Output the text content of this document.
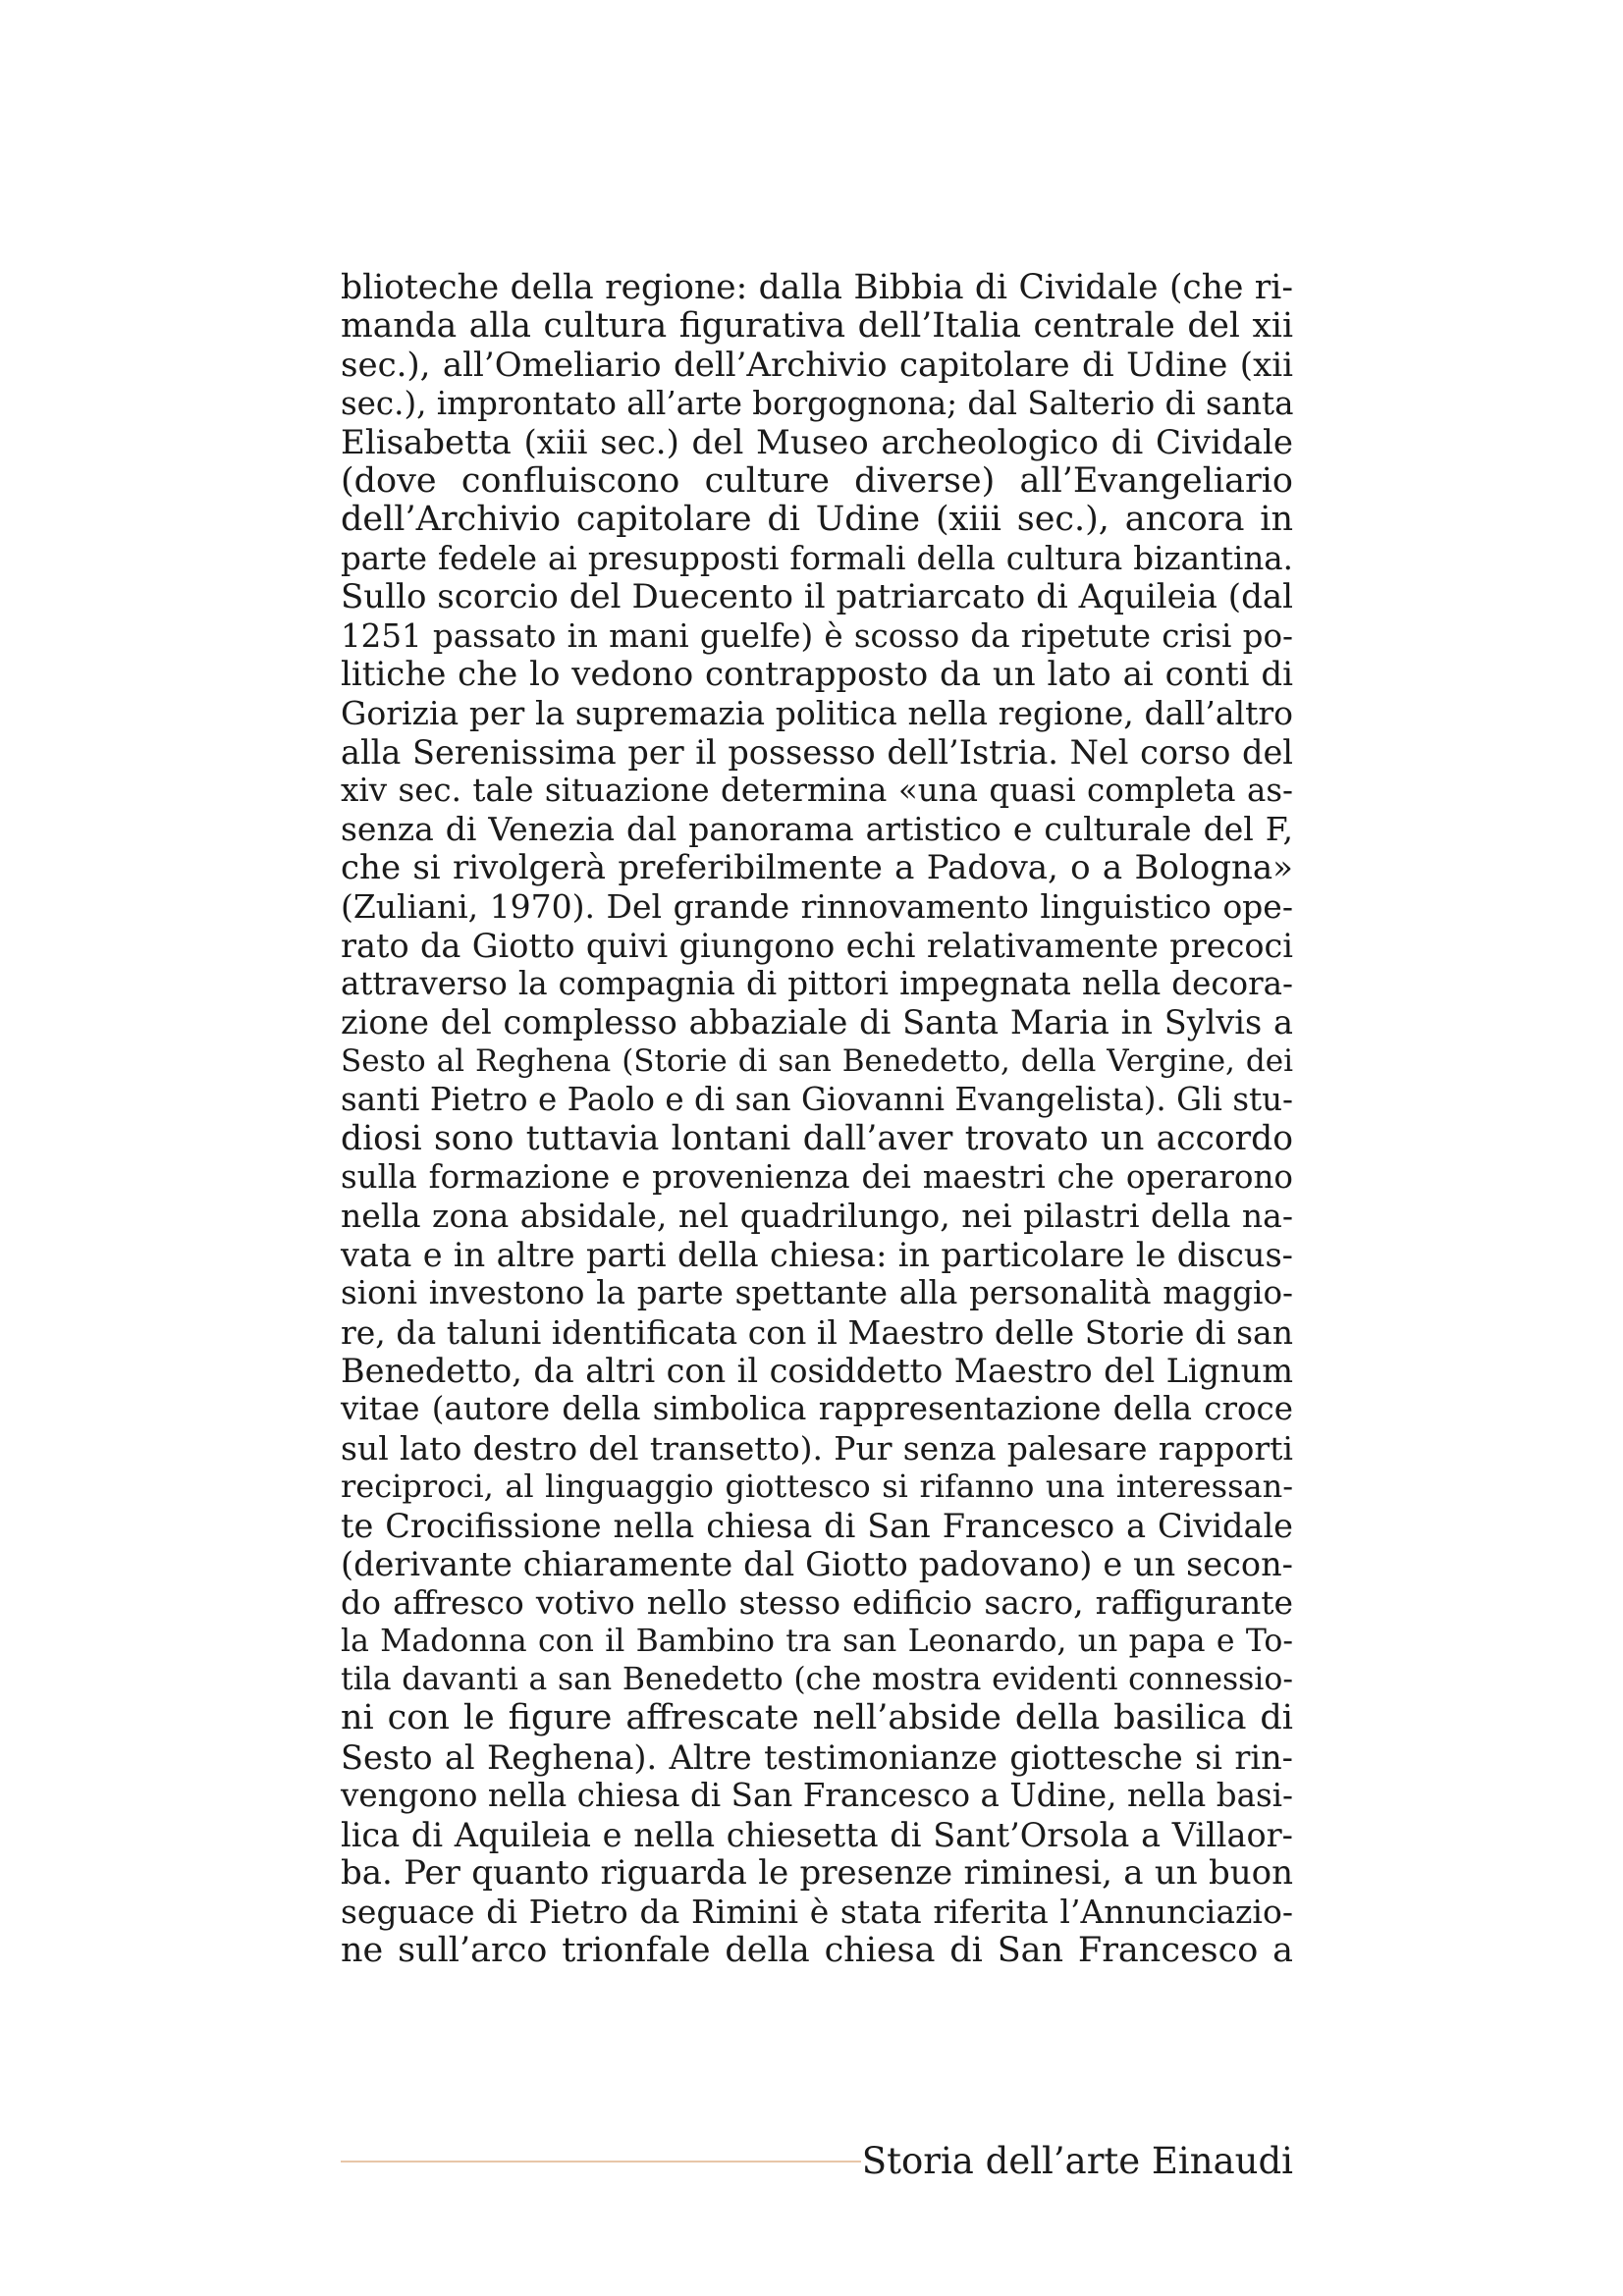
blioteche della regione: dalla Bibbia di Cividale (che ri-
manda alla cultura figurativa dell’Italia centrale del xii
sec.), all’Omeliario dell’Archivio capitolare di Udine (xii
sec.), improntato all’arte borgognona; dal Salterio di santa
Elisabetta (xiii sec.) del Museo archeologico di Cividale
(dove confluiscono culture diverse) all’Evangeliario
dell’Archivio capitolare di Udine (xiii sec.), ancora in
parte fedele ai presupposti formali della cultura bizantina.
Sullo scorcio del Duecento il patriarcato di Aquileia (dal
1251 passato in mani guelfe) è scosso da ripetute crisi po-
litiche che lo vedono contrapposto da un lato ai conti di
Gorizia per la supremazia politica nella regione, dall’altro
alla Serenissima per il possesso dell’Istria. Nel corso del
xiv sec. tale situazione determina «una quasi completa as-
senza di Venezia dal panorama artistico e culturale del F,
che si rivolgerà preferibilmente a Padova, o a Bologna»
(Zuliani, 1970). Del grande rinnovamento linguistico ope-
rato da Giotto quivi giungono echi relativamente precoci
attraverso la compagnia di pittori impegnata nella decora-
zione del complesso abbaziale di Santa Maria in Sylvis a
Sesto al Reghena (Storie di san Benedetto, della Vergine, dei
santi Pietro e Paolo e di san Giovanni Evangelista). Gli stu-
diosi sono tuttavia lontani dall’aver trovato un accordo
sulla formazione e provenienza dei maestri che operarono
nella zona absidale, nel quadrilungo, nei pilastri della na-
vata e in altre parti della chiesa: in particolare le discus-
sioni investono la parte spettante alla personalità maggio-
re, da taluni identificata con il Maestro delle Storie di san
Benedetto, da altri con il cosiddetto Maestro del Lignum
vitae (autore della simbolica rappresentazione della croce
sul lato destro del transetto). Pur senza palesare rapporti
reciproci, al linguaggio giottesco si rifanno una interessan-
te Crocifissione nella chiesa di San Francesco a Cividale
(derivante chiaramente dal Giotto padovano) e un secon-
do affresco votivo nello stesso edificio sacro, raffigurante
la Madonna con il Bambino tra san Leonardo, un papa e To-
tila davanti a san Benedetto (che mostra evidenti connessio-
ni con le figure affrescate nell’abside della basilica di
Sesto al Reghena). Altre testimonianze giottesche si rin-
vengono nella chiesa di San Francesco a Udine, nella basi-
lica di Aquileia e nella chiesetta di Sant’Orsola a Villaor-
ba. Per quanto riguarda le presenze riminesi, a un buon
seguace di Pietro da Rimini è stata riferita l’Annunciazio-
ne sull’arco trionfale della chiesa di San Francesco a
Storia dell’arte Einaudi
